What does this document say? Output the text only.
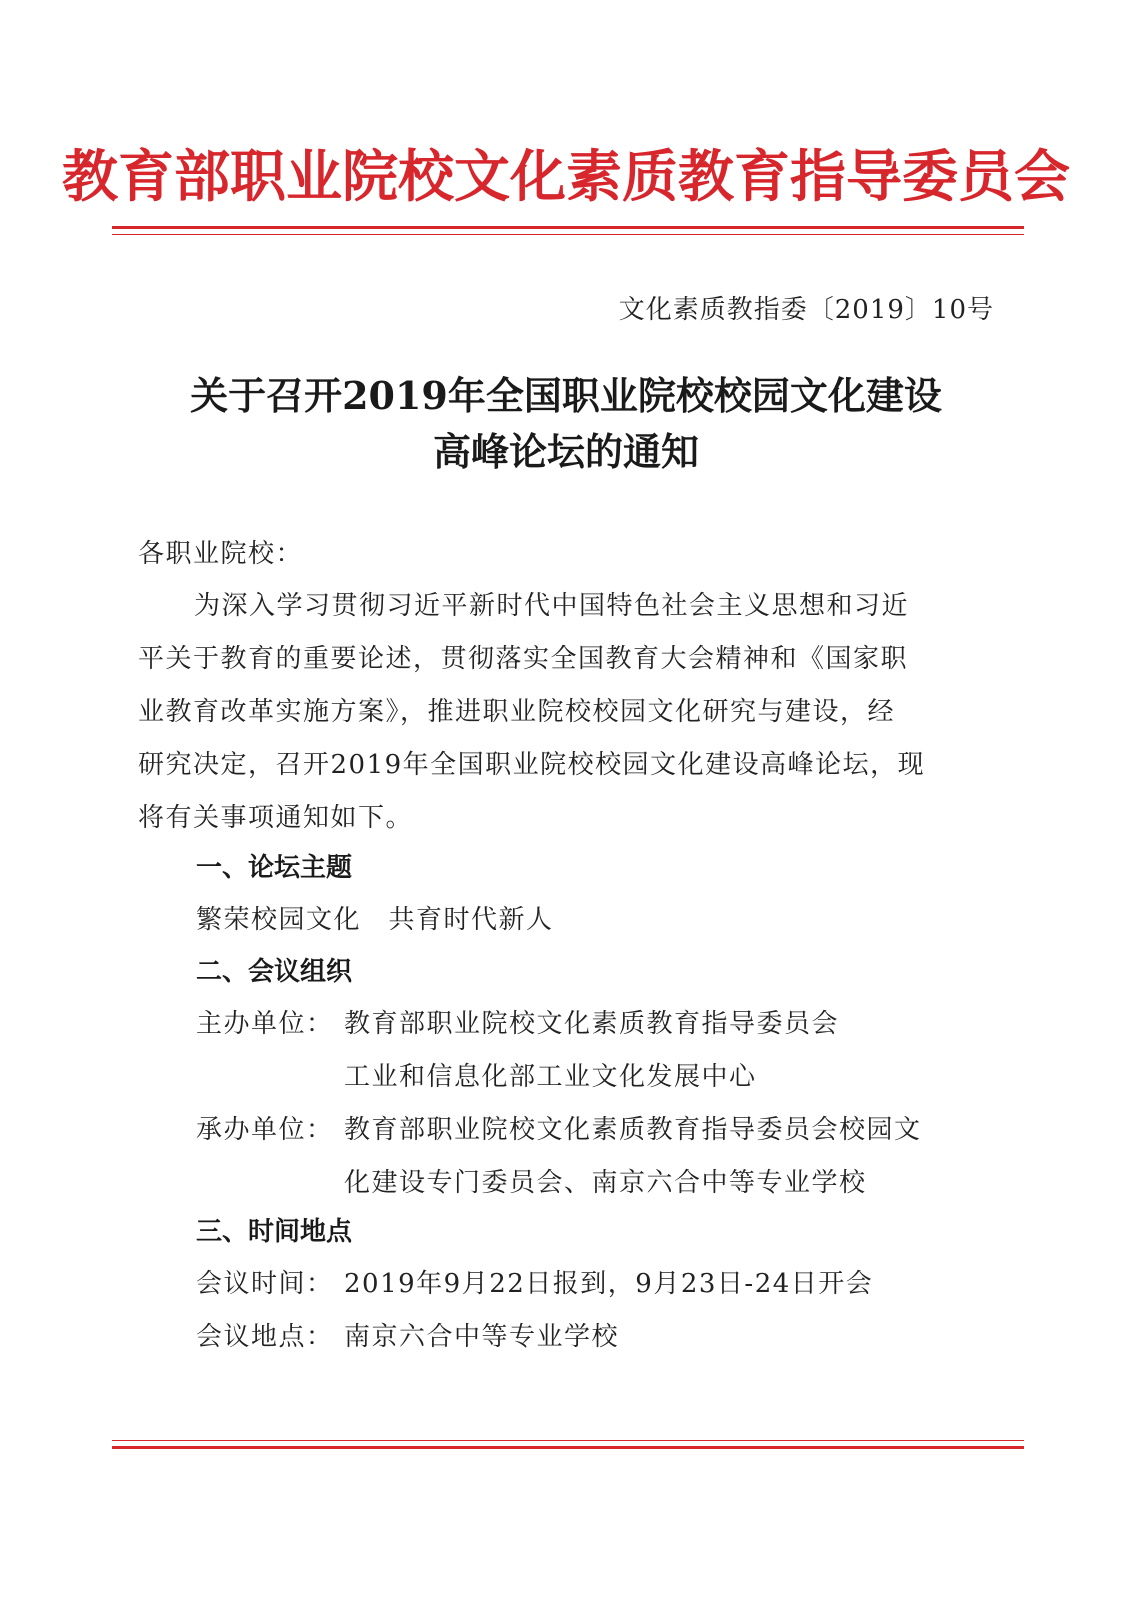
教育部职业院校文化素质教育指导委员会
文化素质教指委〔2019〕10号
关于召开2019年全国职业院校校园文化建设
高峰论坛的通知
各职业院校：
为深入学习贯彻习近平新时代中国特色社会主义思想和习近
平关于教育的重要论述，贯彻落实全国教育大会精神和《国家职
业教育改革实施方案》，推进职业院校校园文化研究与建设，经
研究决定，召开2019年全国职业院校校园文化建设高峰论坛，现
将有关事项通知如下。
一、论坛主题
繁荣校园文化　共育时代新人
二、会议组织
主办单位： 教育部职业院校文化素质教育指导委员会
工业和信息化部工业文化发展中心
承办单位： 教育部职业院校文化素质教育指导委员会校园文
化建设专门委员会、南京六合中等专业学校
三、时间地点
会议时间： 2019年9月22日报到，9月23日-24日开会
会议地点： 南京六合中等专业学校
